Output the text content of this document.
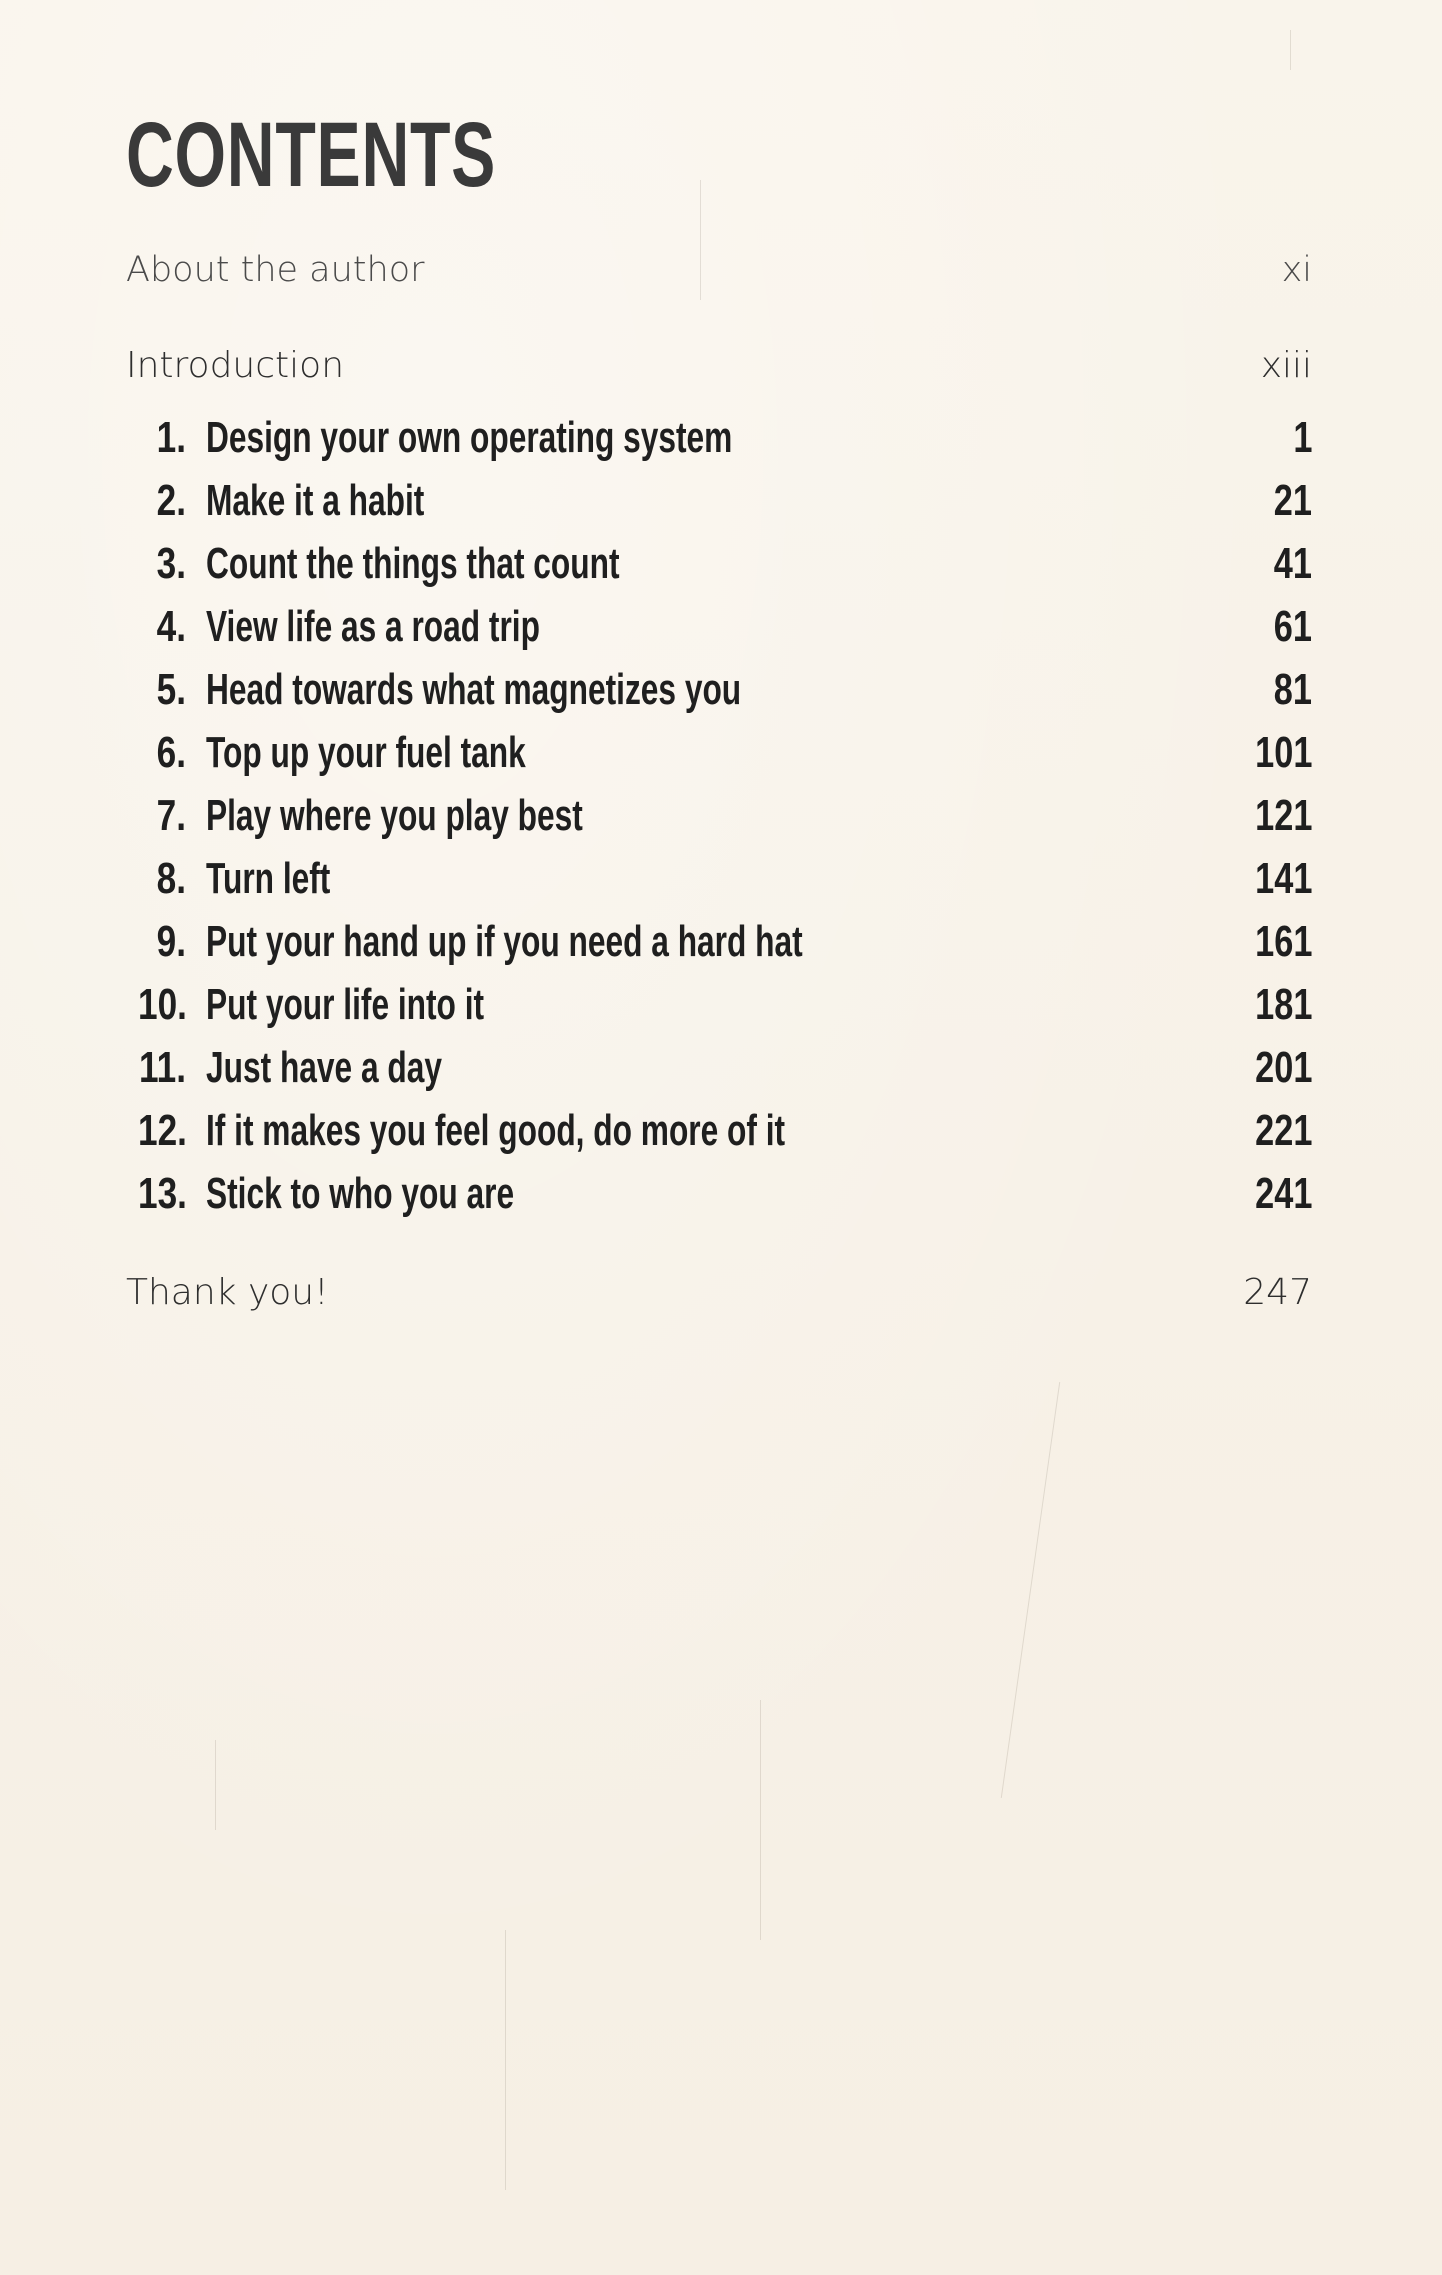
CONTENTS
About the author	xi
Introduction	xiii
1. Design your own operating system	1
2. Make it a habit	21
3. Count the things that count	41
4. View life as a road trip	61
5. Head towards what magnetizes you	81
6. Top up your fuel tank	101
7. Play where you play best	121
8. Turn left	141
9. Put your hand up if you need a hard hat	161
10. Put your life into it	181
11. Just have a day	201
12. If it makes you feel good, do more of it	221
13. Stick to who you are	241
Thank you!	247
